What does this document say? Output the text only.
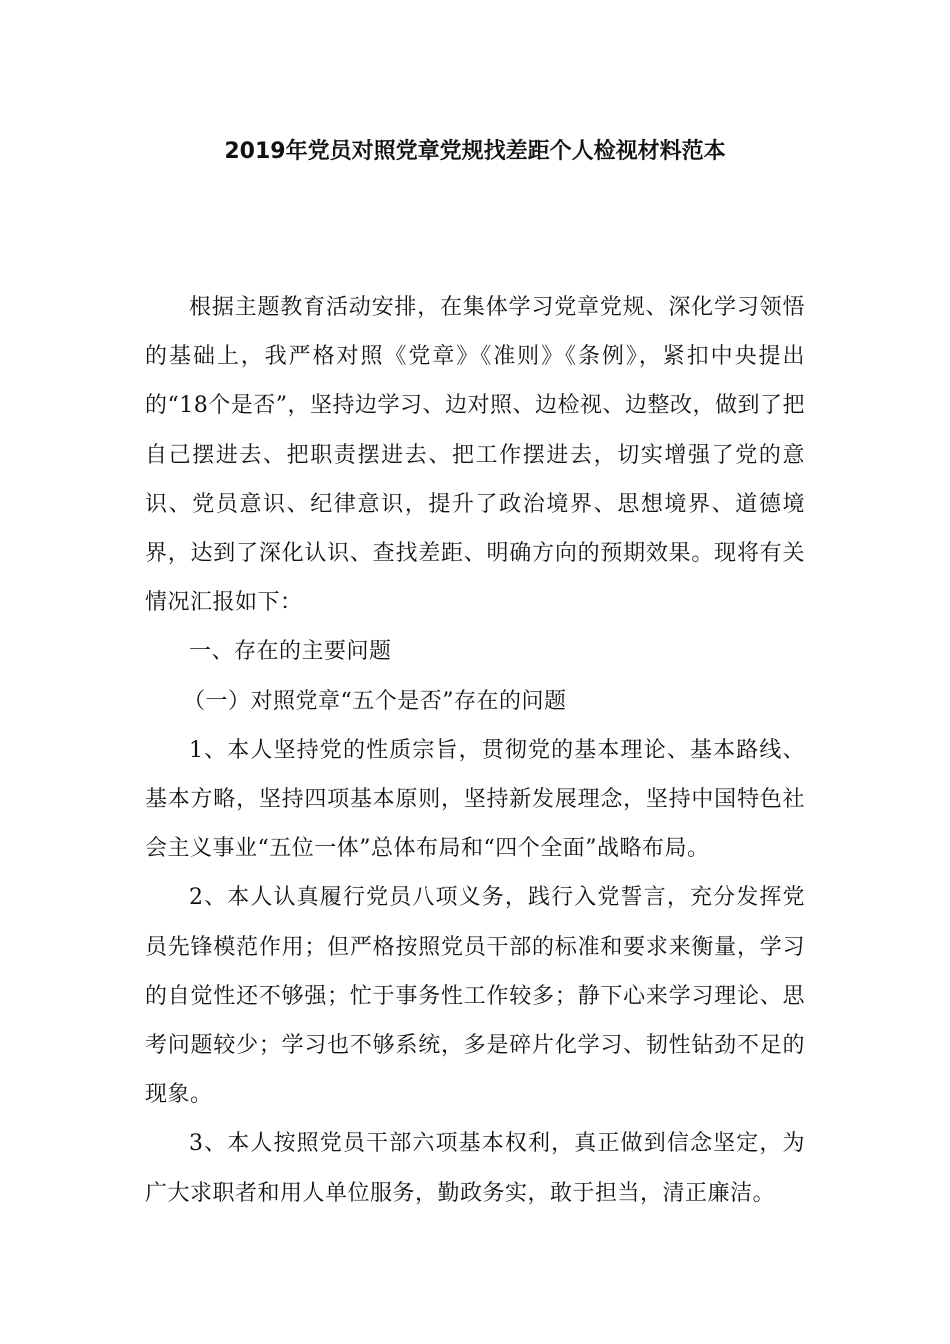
2019年党员对照党章党规找差距个人检视材料范本

根据主题教育活动安排，在集体学习党章党规、深化学习领悟的基础上，我严格对照《党章》《准则》《条例》，紧扣中央提出的“18个是否”，坚持边学习、边对照、边检视、边整改，做到了把自己摆进去、把职责摆进去、把工作摆进去，切实增强了党的意识、党员意识、纪律意识，提升了政治境界、思想境界、道德境界，达到了深化认识、查找差距、明确方向的预期效果。现将有关情况汇报如下：

一、存在的主要问题

（一）对照党章“五个是否”存在的问题

1、本人坚持党的性质宗旨，贯彻党的基本理论、基本路线、基本方略，坚持四项基本原则，坚持新发展理念，坚持中国特色社会主义事业“五位一体”总体布局和“四个全面”战略布局。

2、本人认真履行党员八项义务，践行入党誓言，充分发挥党员先锋模范作用；但严格按照党员干部的标准和要求来衡量，学习的自觉性还不够强；忙于事务性工作较多；静下心来学习理论、思考问题较少；学习也不够系统，多是碎片化学习、韧性钻劲不足的现象。

3、本人按照党员干部六项基本权利，真正做到信念坚定，为广大求职者和用人单位服务，勤政务实，敢于担当，清正廉洁。
